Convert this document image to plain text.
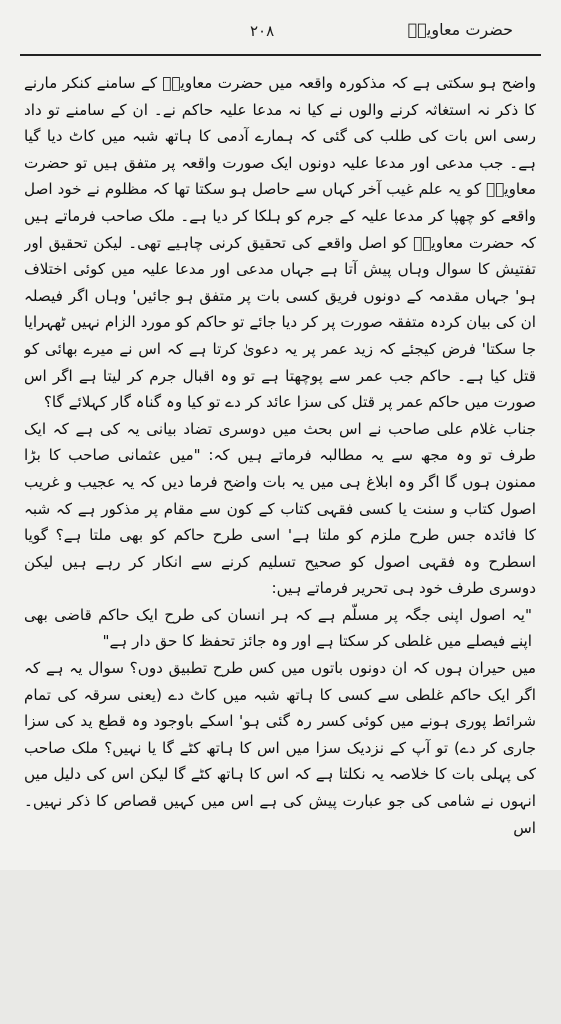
حضرت معاویہؓ
۲۰۸

واضح ہو سکتی ہے کہ مذکورہ واقعہ میں حضرت معاویہؓ کے سامنے کنکر مارنے کا ذکر نہ استغاثہ کرنے والوں نے کیا نہ مدعا علیہ حاکم نے۔ ان کے سامنے تو داد رسی اس بات کی طلب کی گئی کہ ہمارے آدمی کا ہاتھ شبہ میں کاٹ دیا گیا ہے۔ جب مدعی اور مدعا علیہ دونوں ایک صورت واقعہ پر متفق ہیں تو حضرت معاویہؓ کو یہ علم غیب آخر کہاں سے حاصل ہو سکتا تھا کہ مظلوم نے خود اصل واقعے کو چھپا کر مدعا علیہ کے جرم کو ہلکا کر دیا ہے۔ ملک صاحب فرماتے ہیں کہ حضرت معاویہؓ کو اصل واقعے کی تحقیق کرنی چاہیے تھی۔ لیکن تحقیق اور تفتیش کا سوال وہاں پیش آتا ہے جہاں مدعی اور مدعا علیہ میں کوئی اختلاف ہو' جہاں مقدمہ کے دونوں فریق کسی بات پر متفق ہو جائیں' وہاں اگر فیصلہ ان کی بیان کردہ متفقہ صورت پر کر دیا جائے تو حاکم کو مورد الزام نہیں ٹھہرایا جا سکتا' فرض کیجئے کہ زید عمر پر یہ دعویٰ کرتا ہے کہ اس نے میرے بھائی کو قتل کیا ہے۔ حاکم جب عمر سے پوچھتا ہے تو وہ اقبال جرم کر لیتا ہے اگر اس صورت میں حاکم عمر پر قتل کی سزا عائد کر دے تو کیا وہ گناہ گار کہلائے گا؟

جناب غلام علی صاحب نے اس بحث میں دوسری تضاد بیانی یہ کی ہے کہ ایک طرف تو وہ مجھ سے یہ مطالبہ فرماتے ہیں کہ: "میں عثمانی صاحب کا بڑا ممنون ہوں گا اگر وہ ابلاغ ہی میں یہ بات واضح فرما دیں کہ یہ عجیب و غریب اصول کتاب و سنت یا کسی فقہی کتاب کے کون سے مقام پر مذکور ہے کہ شبہ کا فائدہ جس طرح ملزم کو ملتا ہے' اسی طرح حاکم کو بھی ملتا ہے؟ گویا اسطرح وہ فقہی اصول کو صحیح تسلیم کرنے سے انکار کر رہے ہیں لیکن دوسری طرف خود ہی تحریر فرماتے ہیں:

"یہ اصول اپنی جگہ پر مسلّم ہے کہ ہر انسان کی طرح ایک حاکم قاضی بھی اپنے فیصلے میں غلطی کر سکتا ہے اور وہ جائز تحفظ کا حق دار ہے"

میں حیران ہوں کہ ان دونوں باتوں میں کس طرح تطبیق دوں؟ سوال یہ ہے کہ اگر ایک حاکم غلطی سے کسی کا ہاتھ شبہ میں کاٹ دے (یعنی سرقہ کی تمام شرائط پوری ہونے میں کوئی کسر رہ گئی ہو' اسکے باوجود وہ قطع ید کی سزا جاری کر دے) تو آپ کے نزدیک سزا میں اس کا ہاتھ کٹے گا یا نہیں؟ ملک صاحب کی پہلی بات کا خلاصہ یہ نکلتا ہے کہ اس کا ہاتھ کٹے گا لیکن اس کی دلیل میں انہوں نے شامی کی جو عبارت پیش کی ہے اس میں کہیں قصاص کا ذکر نہیں۔ اس
